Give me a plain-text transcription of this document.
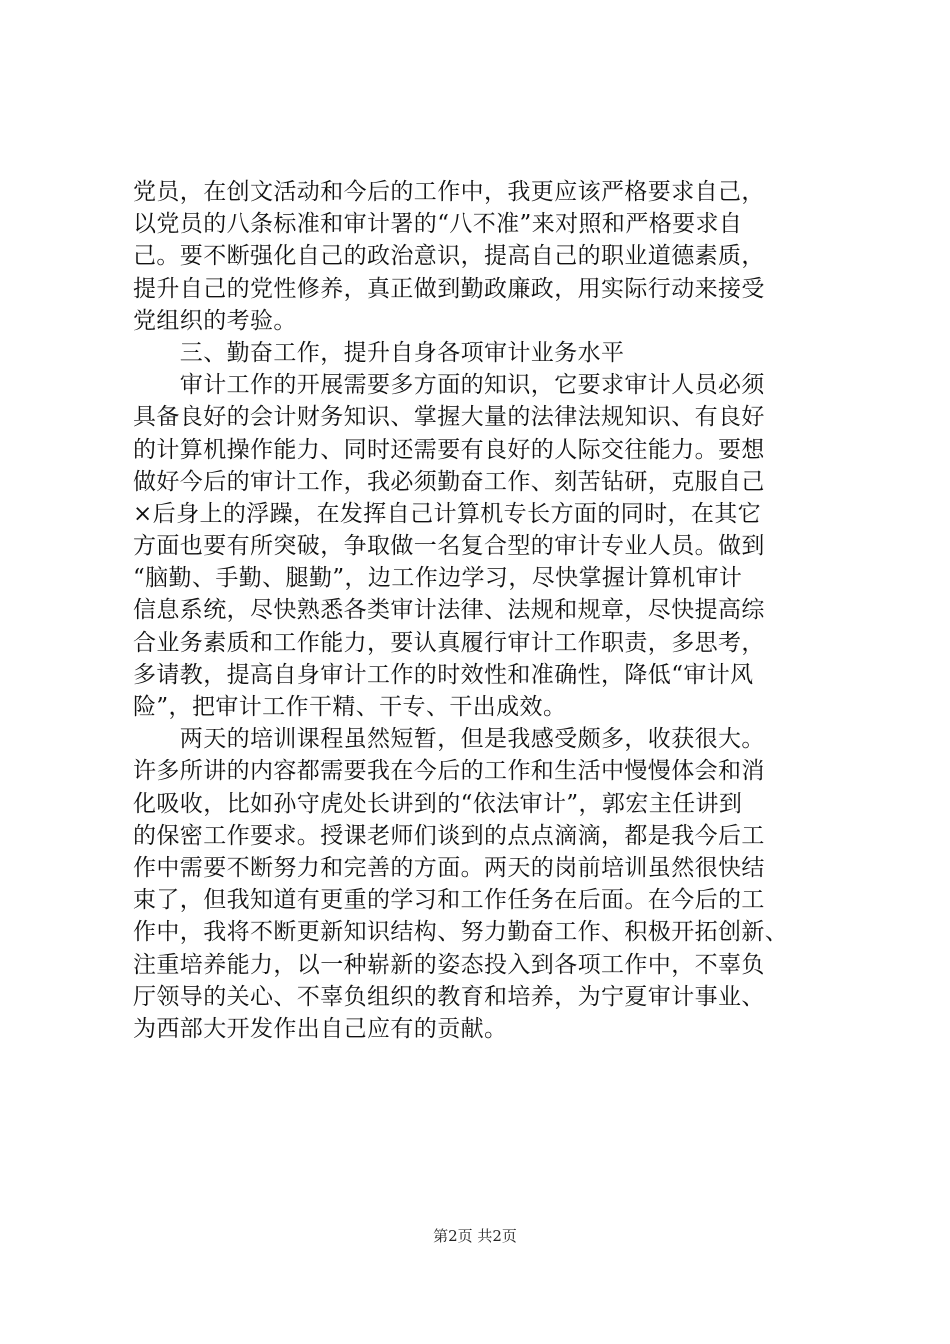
党员，在创文活动和今后的工作中，我更应该严格要求自己，
以党员的八条标准和审计署的“八不准”来对照和严格要求自
己。要不断强化自己的政治意识，提高自己的职业道德素质，
提升自己的党性修养，真正做到勤政廉政，用实际行动来接受
党组织的考验。
　　三、勤奋工作，提升自身各项审计业务水平
　　审计工作的开展需要多方面的知识，它要求审计人员必须
具备良好的会计财务知识、掌握大量的法律法规知识、有良好
的计算机操作能力、同时还需要有良好的人际交往能力。要想
做好今后的审计工作，我必须勤奋工作、刻苦钻研，克服自己
×后身上的浮躁，在发挥自己计算机专长方面的同时，在其它
方面也要有所突破，争取做一名复合型的审计专业人员。做到
“脑勤、手勤、腿勤”，边工作边学习，尽快掌握计算机审计
信息系统，尽快熟悉各类审计法律、法规和规章，尽快提高综
合业务素质和工作能力，要认真履行审计工作职责，多思考，
多请教，提高自身审计工作的时效性和准确性，降低“审计风
险”，把审计工作干精、干专、干出成效。
　　两天的培训课程虽然短暂，但是我感受颇多，收获很大。
许多所讲的内容都需要我在今后的工作和生活中慢慢体会和消
化吸收，比如孙守虎处长讲到的“依法审计”，郭宏主任讲到
的保密工作要求。授课老师们谈到的点点滴滴，都是我今后工
作中需要不断努力和完善的方面。两天的岗前培训虽然很快结
束了，但我知道有更重的学习和工作任务在后面。在今后的工
作中，我将不断更新知识结构、努力勤奋工作、积极开拓创新、
注重培养能力，以一种崭新的姿态投入到各项工作中，不辜负
厅领导的关心、不辜负组织的教育和培养，为宁夏审计事业、
为西部大开发作出自己应有的贡献。
第2页 共2页
